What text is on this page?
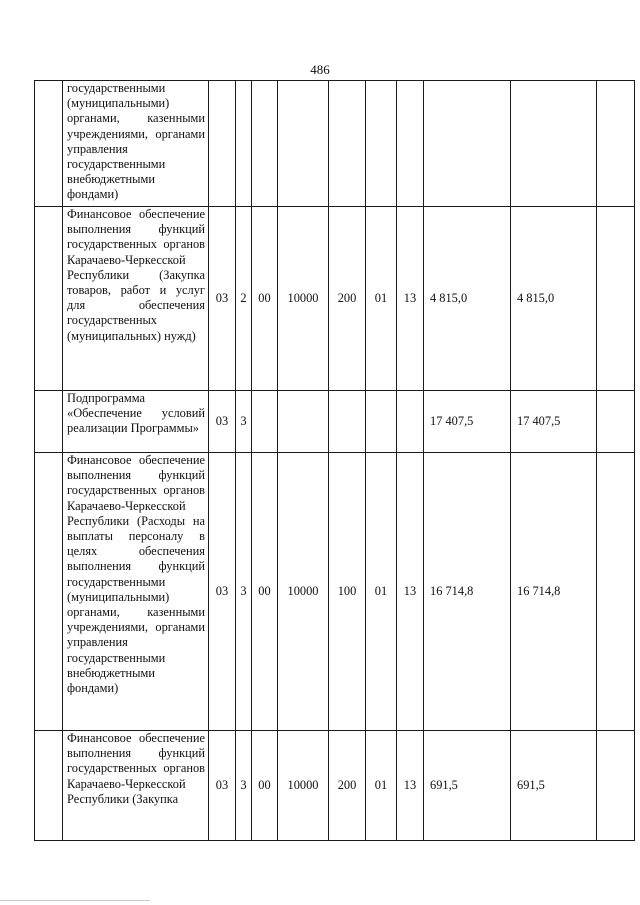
486
	государственными (муниципальными) органами, казенными учреждениями, органами управления государственными внебюджетными фондами)										
	Финансовое обеспечение выполнения функций государственных органов Карачаево-Черкесской Республики (Закупка товаров, работ и услуг для обеспечения государственных (муниципальных) нужд)	03	2	00	10000	200	01	13	4 815,0	4 815,0	
	Подпрограмма «Обеспечение условий реализации Программы»	03	3						17 407,5	17 407,5	
	Финансовое обеспечение выполнения функций государственных органов Карачаево-Черкесской Республики (Расходы на выплаты персоналу в целях обеспечения выполнения функций государственными (муниципальными) органами, казенными учреждениями, органами управления государственными внебюджетными фондами)	03	3	00	10000	100	01	13	16 714,8	16 714,8	
	Финансовое обеспечение выполнения функций государственных органов Карачаево-Черкесской Республики (Закупка	03	3	00	10000	200	01	13	691,5	691,5	
